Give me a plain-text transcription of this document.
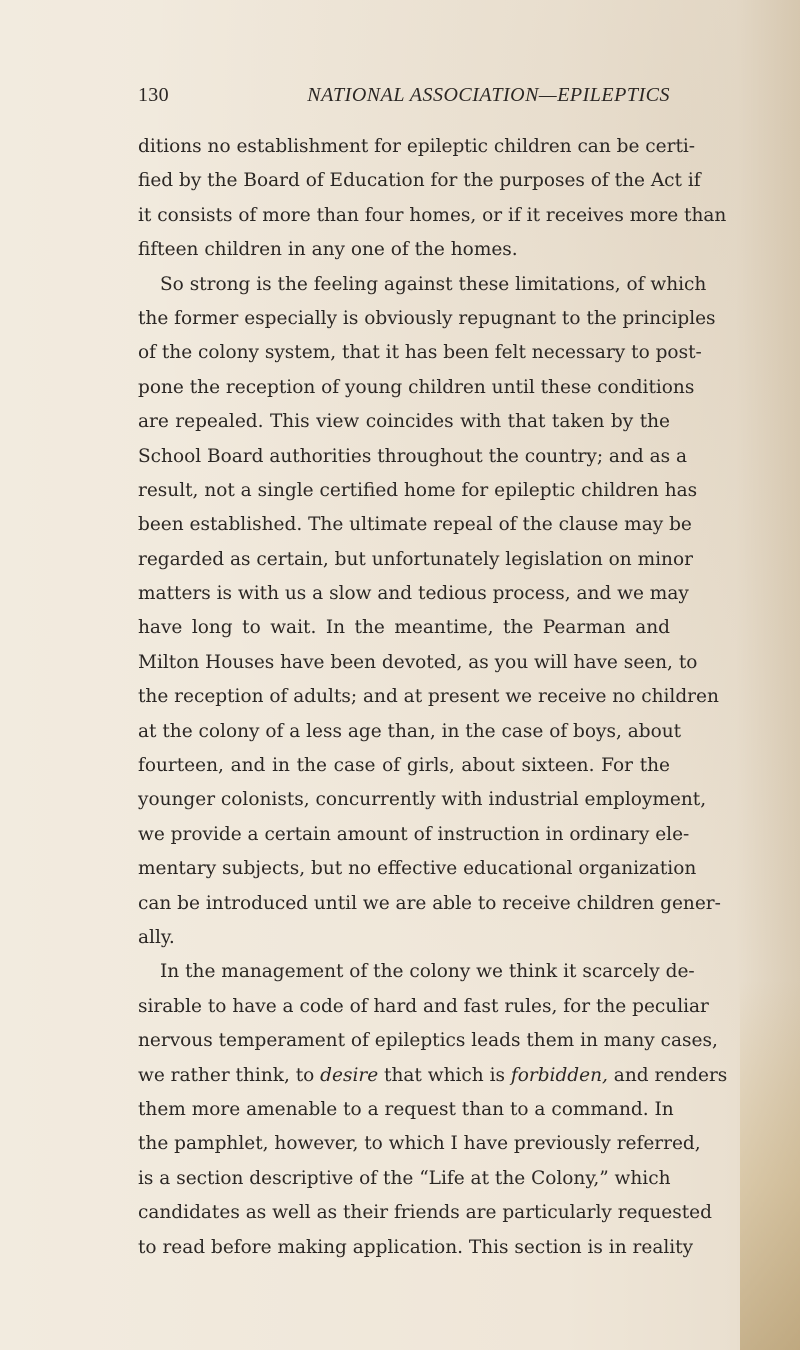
130	NATIONAL ASSOCIATION—EPILEPTICS
ditions no establishment for epileptic children can be certi-
fied by the Board of Education for the purposes of the Act if
it consists of more than four homes, or if it receives more than
fifteen children in any one of the homes.
So strong is the feeling against these limitations, of which
the former especially is obviously repugnant to the principles
of the colony system, that it has been felt necessary to post-
pone the reception of young children until these conditions
are repealed. This view coincides with that taken by the
School Board authorities throughout the country; and as a
result, not a single certified home for epileptic children has
been established. The ultimate repeal of the clause may be
regarded as certain, but unfortunately legislation on minor
matters is with us a slow and tedious process, and we may
have long to wait. In the meantime, the Pearman and
Milton Houses have been devoted, as you will have seen, to
the reception of adults; and at present we receive no children
at the colony of a less age than, in the case of boys, about
fourteen, and in the case of girls, about sixteen. For the
younger colonists, concurrently with industrial employment,
we provide a certain amount of instruction in ordinary ele-
mentary subjects, but no effective educational organization
can be introduced until we are able to receive children gener-
ally.
In the management of the colony we think it scarcely de-
sirable to have a code of hard and fast rules, for the peculiar
nervous temperament of epileptics leads them in many cases,
we rather think, to desire that which is forbidden, and renders
them more amenable to a request than to a command. In
the pamphlet, however, to which I have previously referred,
is a section descriptive of the “Life at the Colony,” which
candidates as well as their friends are particularly requested
to read before making application. This section is in reality
